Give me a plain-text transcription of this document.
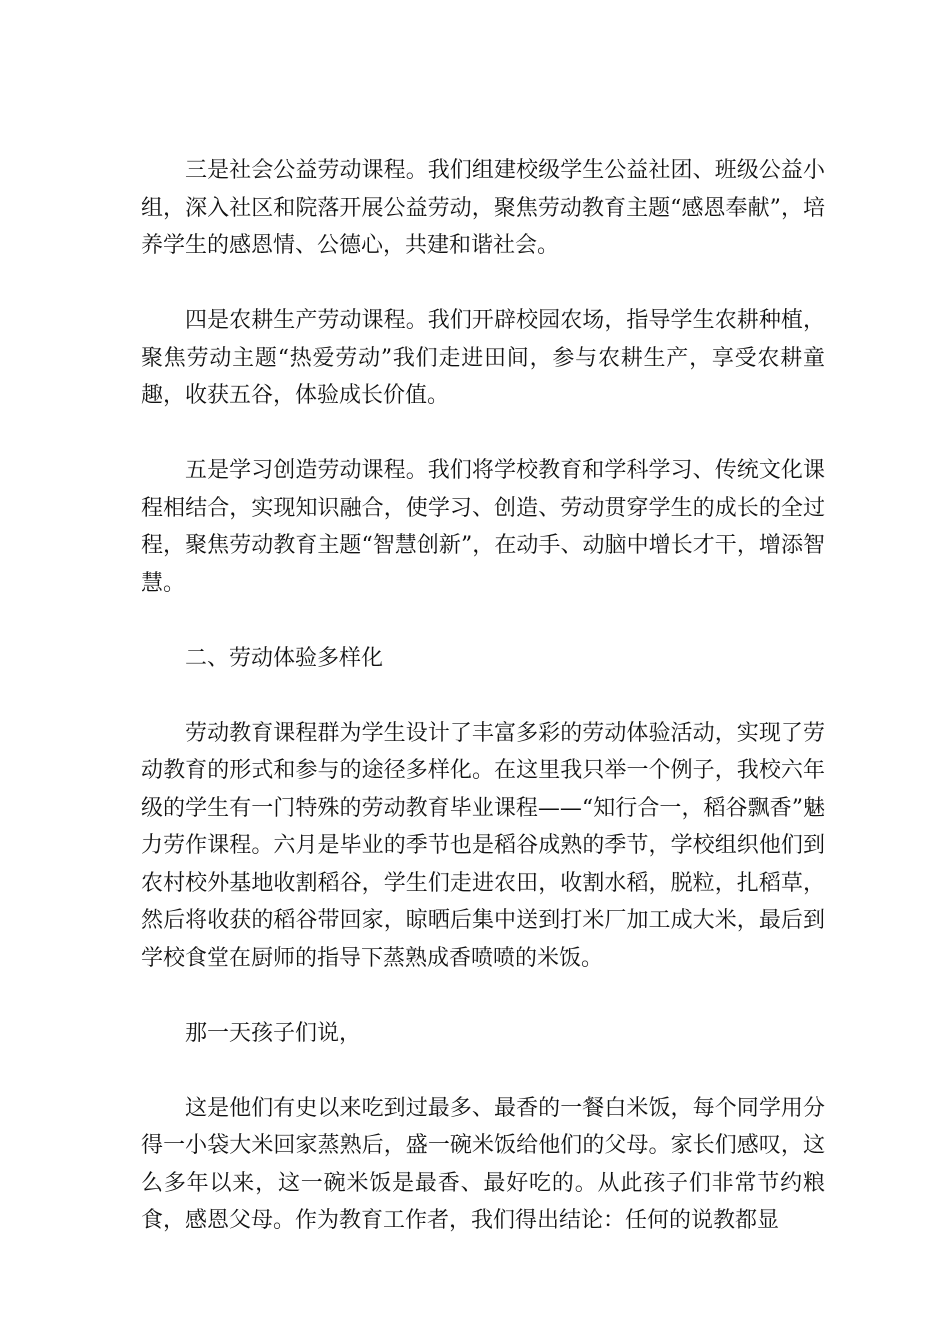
三是社会公益劳动课程。我们组建校级学生公益社团、班级公益小组，深入社区和院落开展公益劳动，聚焦劳动教育主题“感恩奉献”，培养学生的感恩情、公德心，共建和谐社会。

四是农耕生产劳动课程。我们开辟校园农场，指导学生农耕种植，聚焦劳动主题“热爱劳动”我们走进田间，参与农耕生产，享受农耕童趣，收获五谷，体验成长价值。

五是学习创造劳动课程。我们将学校教育和学科学习、传统文化课程相结合，实现知识融合，使学习、创造、劳动贯穿学生的成长的全过程，聚焦劳动教育主题“智慧创新”，在动手、动脑中增长才干，增添智慧。

二、劳动体验多样化

劳动教育课程群为学生设计了丰富多彩的劳动体验活动，实现了劳动教育的形式和参与的途径多样化。在这里我只举一个例子，我校六年级的学生有一门特殊的劳动教育毕业课程——“知行合一，稻谷飘香”魅力劳作课程。六月是毕业的季节也是稻谷成熟的季节，学校组织他们到农村校外基地收割稻谷，学生们走进农田，收割水稻，脱粒，扎稻草，然后将收获的稻谷带回家，晾晒后集中送到打米厂加工成大米，最后到学校食堂在厨师的指导下蒸熟成香喷喷的米饭。

那一天孩子们说，

这是他们有史以来吃到过最多、最香的一餐白米饭，每个同学用分得一小袋大米回家蒸熟后，盛一碗米饭给他们的父母。家长们感叹，这么多年以来，这一碗米饭是最香、最好吃的。从此孩子们非常节约粮食，感恩父母。作为教育工作者，我们得出结论：任何的说教都显
